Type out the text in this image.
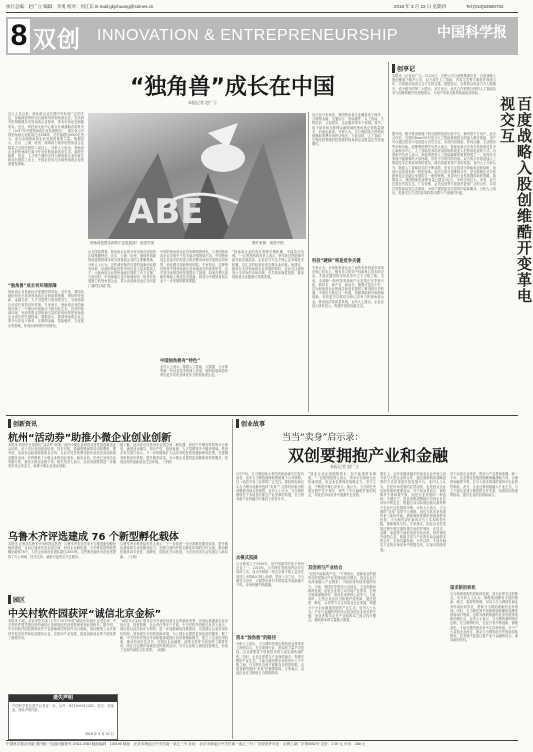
执行总编：赵广立 编辑：李勇 校对：何江东 E-mail:gkjchuang@stimes.cn	2018 年 3 月 22 日 星期四	Tel:(010)62580702
8 双创 INNOVATION & ENTREPRENEURSHIP	中国科学报
“独角兽”成长在中国
本报记者 赵广立
近人人员以来，独角兽企业在国内外形成广泛的关注，各地政府纷纷出台政策培育独角兽企业，各类研究机构相继发布独角兽企业榜单，资本市场也在积极布局。近日，科技部火炬中心联合长城战略咨询发布了《2017年中国独角兽企业发展报告》，报告显示中国独角兽企业数量已达164家，总估值超过6000亿美元，成为全球独角兽企业发展的重要力量。数据显示，北京、上海、杭州、深圳四个城市的独角兽企业数量占全国总数的八成以上。分析人士指出，独角兽企业的快速成长离不开良好的创新创业生态，政府在政策、资金、人才等方面的支持为独角兽企业的诞生和成长提供了沃土，中国正在成为全球独角兽企业的重要发源地。
ABE
独角兽是资本的骄子还是泡沫？ 视觉中国	图片来源：视觉中国
“独角兽”成长有环境保障
独角兽企业是新经济发展的风向标。近年来，我国各地纷纷出台培育独角兽企业的政策措施，围绕科技创新、金融支持、人才引进等方面持续发力，为独角兽企业成长营造良好环境。专家表示，独角兽企业的涌现反映了一个地区的创新活力和创业生态，良好的营商环境、充沛的资本供给和丰富的应用场景是独角兽企业成长的关键因素。数据显示，我国独角兽企业主要分布在电子商务、互联网金融、智能硬件、文化娱乐等领域，体现出鲜明的中国特色。
从全国范围看，独角兽企业的分布呈现出明显的区域集聚特征，北京、上海、杭州、深圳等创新资源富集的城市成为独角兽企业的主要聚集地。分析人士认为，这些城市拥有完善的创新创业服务体系、活跃的风险投资市场以及大量高素质人才，为独角兽企业的快速成长提供了有力支撑。与此同时，中西部地区也开始涌现出一批具有发展潜力的独角兽企业，显示出创新创业正在向更广阔的区域扩散。
中国独角兽有“特色”
中国的独角兽企业具有鲜明的特色。与美国独角兽企业多集中于技术驱动型领域不同，中国独角兽企业更多依托庞大的消费市场和丰富的应用场景，商业模式创新特征明显。专家指出，这种特色既是中国独角兽企业快速成长的优势所在，也对其未来的持续发展提出了挑战，如何在模式创新的基础上强化技术创新，将成为中国独角兽企业下一步发展的重要课题。
业内人士表示，随着人工智能、大数据、云计算等新一代信息技术的深入发展，硬科技领域将孕育出更多具有全球竞争力的独角兽企业。
“独角兽企业的成长需要长期积累，不能急功近利。”一位投资机构负责人表示，资本的过度追捧可能导致估值泡沫，企业应当专注于核心业务和技术积累，以扎实的经营业绩支撑企业价值。他建议，政府在支持独角兽企业发展的同时，也应当注重营造公平竞争的市场环境，引导资本理性投资，推动独角兽企业健康可持续发展。
从行业分布来看，我国独角兽企业覆盖电子商务、互联网金融、交通出行、智能硬件、人工智能、生物医药、文化娱乐、企业服务等多个领域。其中，电子商务和互联网金融领域的独角兽企业数量最多，估值也最高。分析认为，这与我国庞大的网民规模和消费市场密切相关。与此同时，人工智能、生物医药等硬科技领域的独角兽企业数量正在快速增长。
科技“硬核”将是竞争关键
专家认为，未来独角兽企业之间的竞争将更多体现在核心技术上。拥有自主知识产权和核心技术的企业，才能在激烈的市场竞争中立于不败之地。当前，全球新一轮科技革命和产业变革正在孕育兴起，新技术、新产业、新业态、新模式层出不穷，这为独角兽企业的诞生和成长提供了难得的历史机遇。中国应当抓住这一机遇，加强基础研究和原始创新，培育更多以科技为核心竞争力的独角兽企业，推动经济高质量发展。业内人士建议，企业应加大研发投入，构建开放的创新生态。
创享记
本报讯（记者赵广立）3月20日，百度公司与创维集团宣布，百度战略入股创维旗下酷开公司，双方将在人工智能、内容生态等方面展开深度合作，共同推动电视交互方式的变革。根据协议，百度将以现金方式入股酷开，成为酷开的第二大股东。双方表示，此次合作将把百度的人工智能技术与创维的硬件优势相结合，为用户带来全新的智能电视体验。
百度战略入股创维酷开变革电视交互
据介绍，酷开是创维旗下的互联网电视运营平台，拥有数千万用户。此次合作后，百度的DuerOS对话式人工智能系统将全面接入酷开系统，用户可以通过语音与电视进行自然交互，实现内容搜索、影视点播、生活服务等多种功能。创维集团相关负责人表示，智能电视正在成为家庭的信息中心和娱乐中心，人工智能技术的应用将彻底改变人们使用电视的方式。百度相关负责人表示，家庭场景是人工智能落地的重要场景之一，电视作为家庭中最重要的大屏终端，具有不可替代的价值。双方的合作将加速人工智能技术在家庭场景的普及，推动智能家居产业的发展。业内人士分析认为，随着人工智能技术的不断成熟，语音交互将成为智能电视的标配，电视行业将迎来新一轮的变革。此次百度与创维的合作，是互联网企业与传统家电企业融合发展的又一典型案例，有望为行业发展提供新的思路。数据显示，我国智能电视保有量已超过2亿台，市场空间巨大。未来，双方还将在内容生态、广告营销、会员运营等方面展开更加广泛的合作，共同打造智能电视生态系统，为用户提供更加丰富的内容和服务。分析人士指出，电视交互方式的变革将带动整个产业链的升级。
创新资讯
杭州“活动券”助推小微企业创业创新
本报讯 杭州市日前推出“活动券”政策，面向小微企业和创业者发放创新创业活动券，用于支付参加创业培训、技术对接、投融资路演等活动的费用。据介绍，活动券由政府财政资金支持，企业可凭券免费或低价参加各类创新创业服务活动，有效降低了小微企业的创业成本。截至目前，杭州已发放活动券数万张，惠及小微企业数千家。相关负责人表示，活动券政策将进一步激发市场主体活力，助推小微企业创业创新。
据了解，活动券可在杭州市众创空间、孵化器、科技中介服务机构等平台使用，涵盖创业辅导、知识产权、检验检测、人才招聘等多个服务领域。杭州市有关部门表示，下一步将继续扩大活动券的发放规模和使用范围，完善服务机构评价机制，提升服务质量，为小微企业提供更加精准高效的服务，营造良好的创新创业生态环境。（李晨）
乌鲁木齐评选建成 76 个新型孵化载体
本报讯 记者从乌鲁木齐市科技局获悉，乌鲁木齐市近年来大力推进新型孵化载体建设，目前已建成各类众创空间、科技企业孵化器、大学科技园等新型孵化载体76个，入驻企业和创业团队超过2000家。这些孵化载体为创业者提供了办公场地、技术支持、融资对接等全方位服务。
乌鲁木齐市科技局负责人表示，下一步将进一步完善孵化服务体系，提升孵化载体的专业化服务能力，加强与国内外知名孵化机构的合作交流，推动孵化载体向专业化、品牌化、国际化方向发展，为全市经济社会发展注入新动能。（王莉）
园区
中关村软件园获评“诚信北京金标”
本报讯 日前，北京市有关部门公布了2017年度“诚信北京金标”企业名单，中关村软件园凭借良好的诚信记录和规范的经营管理荣获此项称号。据介绍，中关村软件园是国家软件产业基地和国家软件出口基地，园区聚集了众多国内外知名软件和信息服务企业，在推动产业发展、促进创新创业等方面发挥了重要作用。
遗失声明
中国科学报社遗失记者证一本，证号：B11000012345，姓名：张某某，特此声明作废。
2018 年 3 月 22 日
“诚信北京金标”是北京市对诚信经营企业的最高荣誉，评选标准涵盖企业信用记录、经营管理、社会责任等多个方面。中关村软件园相关负责人表示，园区将以此次获评为契机，进一步加强诚信体系建设，完善园区企业信用评价机制，营造诚实守信的营商环境，为入园企业提供更加优质的服务。据了解，中关村软件园近年来积极探索园区信用管理新模式，建立了企业信用档案，推动信用信息共享，在园区企业融资、政策支持等方面发挥了重要作用。园区还定期开展诚信宣传教育活动，引导企业树立诚信经营理念，形成了良好的诚信文化氛围。（赵鹏）
创业故事
当当“卖身”启示录：
双创要拥抱产业和金融
本报记者 赵广立
3月中旬，当当网创始人李国庆和俞渝夫妇发布消息，宣布当当网将被海航集团旗下公司收购。这一消息引发了业界的广泛关注。曾经的电商巨头当当网为何最终选择“卖身”？这背后折射出的问题值得创业者深思。业内人士认为，当当网的困境在于未能及时抓住产业变革的机遇，在与资本和产业的融合中落后于竞争对手。
去模式孤掷
当当网成立于1999年，是中国最早的电子商务企业之一。2010年，当当网在美国纽约证券交易所上市，成为中国第一家完全基于线上业务在美国上市的B2C网上商城。然而上市之后，当当网在与京东、天猫等竞争对手的较量中逐渐落于下风，市场份额不断萎缩。
资本“独角兽”的路径
分析人士指出，当当网的发展历程给创业者带来了深刻启示。在互联网行业，资本的力量不可忽视，企业需要善于借助资本的力量实现快速扩张。同时，企业还需要与产业深度融合，构建完整的产业生态，才能在激烈的市场竞争中立于不败之地。当当网在这两方面都存在明显短板，这是其最终选择“卖身”的重要原因。专家表示，双创企业应当吸取当当网的教训。
“创业企业必须拥抱资本，但不能被资本绑架。”一位资深投资人表示，资本可以帮助企业快速发展，但企业也要保持战略定力，坚守主业，不断提升核心竞争力。他认为，当当网在发展过程中过于保守，错失了多次融资扩张的机会，导致在市场竞争中逐渐失去优势。
双创须与产业结合
“双创不能脱离产业。”专家指出，创新创业的最终目的是推动产业发展和经济增长，创业企业只有深度融入产业链条，才能获得持续发展的动力。当前，我国正在推动大众创业、万众创新向纵深发展，创业企业要主动对接产业需求，在细分领域深耕细作，形成自身的核心竞争力。与此同时，大型企业也应当积极开放资源，通过投资、孵化、合作等方式支持创业企业发展，构建大中小企业融通发展的产业生态。业内人士认为，产业与金融的有机结合是双创企业成长的关键，创业者要学会在产业和资本之间寻找平衡点，借助资本的力量做大做强。
事实上，近年来越来越多的创业企业开始主动寻求与大型企业的合作，通过被收购或战略投资的方式获得更好的发展平台。业内人士认为，这是市场发展的必然趋势，也是创业企业实现价值的重要途径。对于创业者而言，被收购并不意味着失败，而是企业发展的一种选择。关键在于，创业者要清醒地认识到企业在市场中的定位，根据自身实际情况做出最有利于企业长远发展的决策。分析人士表示，当当网的“卖身”虽然令人惋惜，但也为其未来发展带来了新的可能。借助海航集团的资源和资本优势，当当网有望在新的平台上实现转型升级，重新焕发生机。专家建议，创业企业在发展过程中要注重构建自身的护城河，在技术、品牌、渠道等方面形成差异化优势，同时保持开放的心态，积极寻求与产业资本和金融资本的合作，实现共赢发展。只有这样，才能在瞬息万变的市场竞争中把握先机，实现可持续发展。
对于双创企业来说，资本与产业是两条腿，缺一不可。企业要在发展初期就明确战略方向，合理规划融资节奏，在引入资本的同时保持对企业的控制权。此外，企业还要积极融入产业生态，与上下游企业建立紧密的合作关系，形成协同发展的格局，提升企业的抗风险能力。
谋求新的转机
当当网被收购后将如何发展，成为业界关注的焦点。有分析人士认为，海航集团拥有丰富的物流、航空、旅游等资源，可以与当当网的电商业务形成协同效应，帮助当当网拓展新的业务领域。同时，当当网在图书电商领域积累的品牌优势和用户资源，也将为海航集团的业务发展带来新的增长点。业内人士表示，当当网的案例再次证明，在互联网时代，企业只有不断创新、拥抱变化，才能在激烈的竞争中生存和发展。对于广大双创企业而言，要从当当网的经历中汲取经验教训，在发展中更加注重产业与金融的结合，谋求新的转机。
中国科学报社出版 国内统一连续出版物号 CN11-0084 邮政编码：100190 地址：北京市海淀区中关村南一条乙三号 社址：北京市海淀区中关村南一条乙三号 广告经营许可证：京海工商广字第0052号 定价：2.00 元 年价：288 元
